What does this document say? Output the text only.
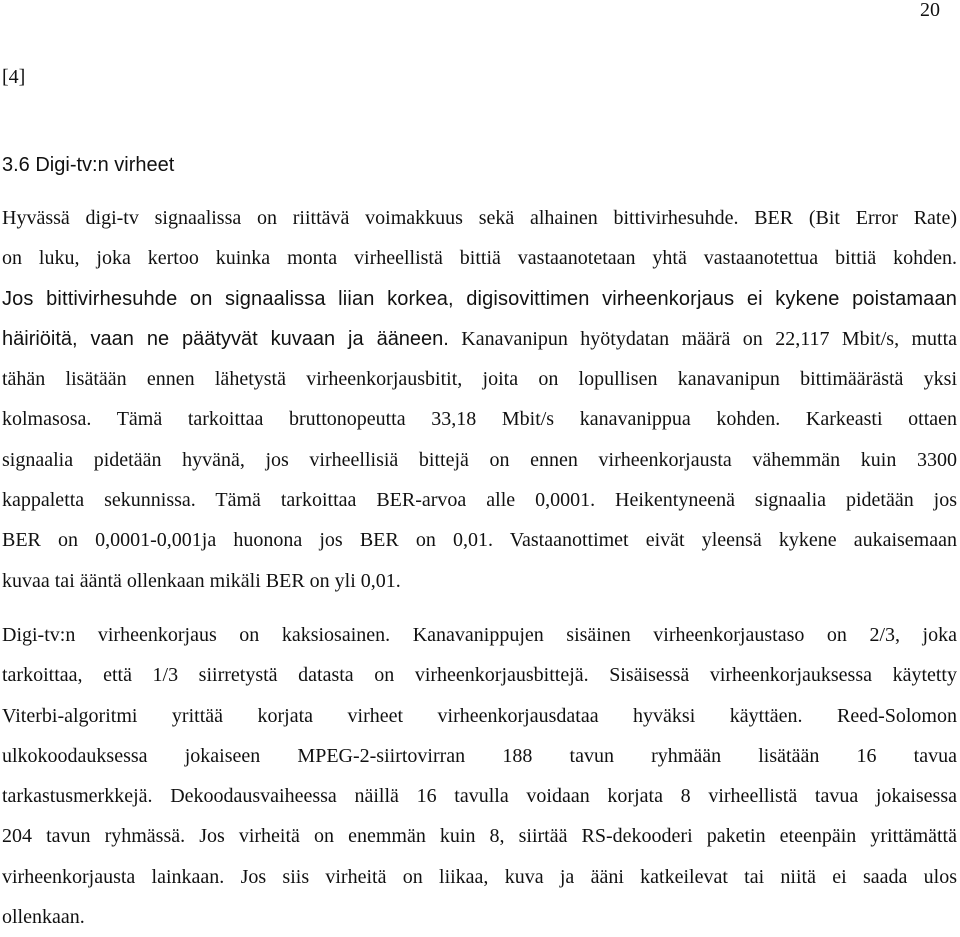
20
[4]
3.6 Digi-tv:n virheet
Hyvässä digi-tv signaalissa on riittävä voimakkuus sekä alhainen bittivirhesuhde. BER (Bit Error Rate)
on luku, joka kertoo kuinka monta virheellistä bittiä vastaanotetaan yhtä vastaanotettua bittiä kohden.
Jos bittivirhesuhde on signaalissa liian korkea, digisovittimen virheenkorjaus ei kykene poistamaan
häiriöitä, vaan ne päätyvät kuvaan ja ääneen. Kanavanipun hyötydatan määrä on 22,117 Mbit/s, mutta
tähän lisätään ennen lähetystä virheenkorjausbitit, joita on lopullisen kanavanipun bittimäärästä yksi
kolmasosa. Tämä tarkoittaa bruttonopeutta 33,18 Mbit/s kanavanippua kohden. Karkeasti ottaen
signaalia pidetään hyvänä, jos virheellisiä bittejä on ennen virheenkorjausta vähemmän kuin 3300
kappaletta sekunnissa. Tämä tarkoittaa BER-arvoa alle 0,0001. Heikentyneenä signaalia pidetään jos
BER on 0,0001-0,001ja huonona jos BER on 0,01. Vastaanottimet eivät yleensä kykene aukaisemaan
kuvaa tai ääntä ollenkaan mikäli BER on yli 0,01.
Digi-tv:n virheenkorjaus on kaksiosainen. Kanavanippujen sisäinen virheenkorjaustaso on 2/3, joka
tarkoittaa, että 1/3 siirretystä datasta on virheenkorjausbittejä. Sisäisessä virheenkorjauksessa käytetty
Viterbi-algoritmi yrittää korjata virheet virheenkorjausdataa hyväksi käyttäen. Reed-Solomon
ulkokoodauksessa jokaiseen MPEG-2-siirtovirran 188 tavun ryhmään lisätään 16 tavua
tarkastusmerkkejä. Dekoodausvaiheessa näillä 16 tavulla voidaan korjata 8 virheellistä tavua jokaisessa
204 tavun ryhmässä. Jos virheitä on enemmän kuin 8, siirtää RS-dekooderi paketin eteenpäin yrittämättä
virheenkorjausta lainkaan. Jos siis virheitä on liikaa, kuva ja ääni katkeilevat tai niitä ei saada ulos
ollenkaan.
